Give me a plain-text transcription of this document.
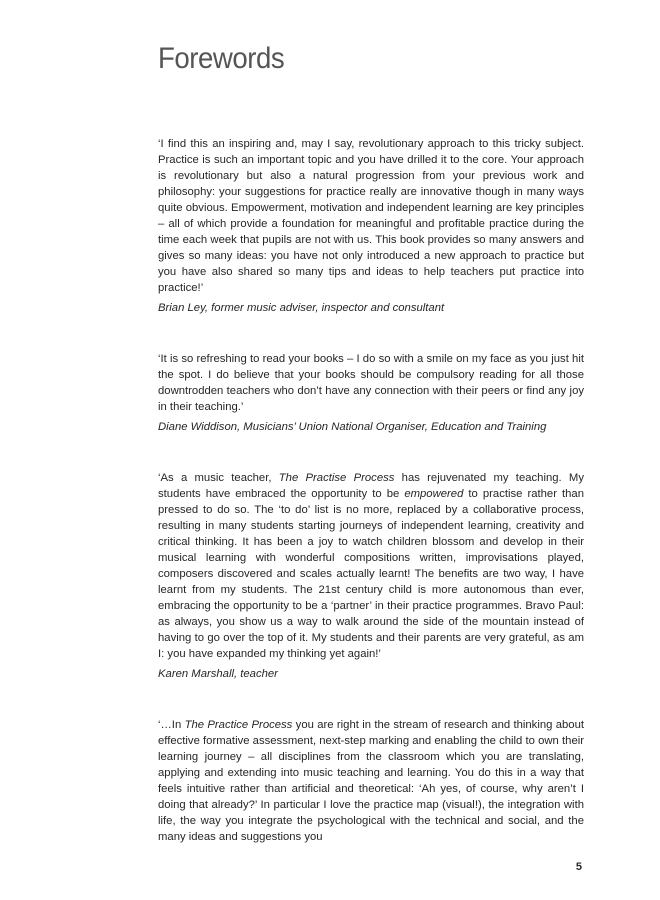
Forewords

‘I find this an inspiring and, may I say, revolutionary approach to this tricky subject. Practice is such an important topic and you have drilled it to the core. Your approach is revolutionary but also a natural progression from your previous work and philosophy: your suggestions for practice really are innovative though in many ways quite obvious. Empowerment, motivation and independent learning are key principles – all of which provide a foundation for meaningful and profitable practice during the time each week that pupils are not with us. This book provides so many answers and gives so many ideas: you have not only introduced a new approach to practice but you have also shared so many tips and ideas to help teachers put practice into practice!’

Brian Ley, former music adviser, inspector and consultant

‘It is so refreshing to read your books – I do so with a smile on my face as you just hit the spot. I do believe that your books should be compulsory reading for all those downtrodden teachers who don’t have any connection with their peers or find any joy in their teaching.’

Diane Widdison, Musicians’ Union National Organiser, Education and Training

‘As a music teacher, The Practise Process has rejuvenated my teaching. My students have embraced the opportunity to be empowered to practise rather than pressed to do so. The ‘to do’ list is no more, replaced by a collaborative process, resulting in many students starting journeys of independent learning, creativity and critical thinking. It has been a joy to watch children blossom and develop in their musical learning with wonderful compositions written, improvisations played, composers discovered and scales actually learnt! The benefits are two way, I have learnt from my students. The 21st century child is more autonomous than ever, embracing the opportunity to be a ‘partner’ in their practice programmes. Bravo Paul: as always, you show us a way to walk around the side of the mountain instead of having to go over the top of it. My students and their parents are very grateful, as am I: you have expanded my thinking yet again!’

Karen Marshall, teacher

‘…In The Practice Process you are right in the stream of research and thinking about effective formative assessment, next-step marking and enabling the child to own their learning journey – all disciplines from the classroom which you are translating, applying and extending into music teaching and learning. You do this in a way that feels intuitive rather than artificial and theoretical: ‘Ah yes, of course, why aren’t I doing that already?’ In particular I love the practice map (visual!), the integration with life, the way you integrate the psychological with the technical and social, and the many ideas and suggestions you

5
